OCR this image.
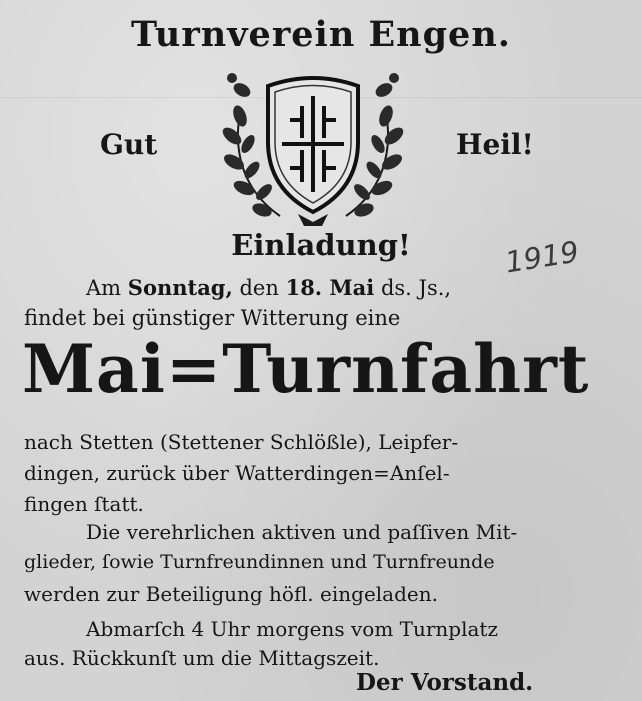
Turnverein Engen.
Gut	Heil!
Einladung!	1919
Am Sonntag, den 18. Mai ds. Js.,
findet bei günstiger Witterung eine
Mai=Turnfahrt
nach Stetten (Stettener Schlößle), Leipfer-
dingen, zurück über Watterdingen=Anſel-
fingen ſtatt.
Die verehrlichen aktiven und paſſiven Mit-
glieder, ſowie Turnfreundinnen und Turnfreunde
werden zur Beteiligung höfl. eingeladen.
Abmarſch 4 Uhr morgens vom Turnplatz
aus. Rückkunſt um die Mittagszeit.
Der Vorstand.
